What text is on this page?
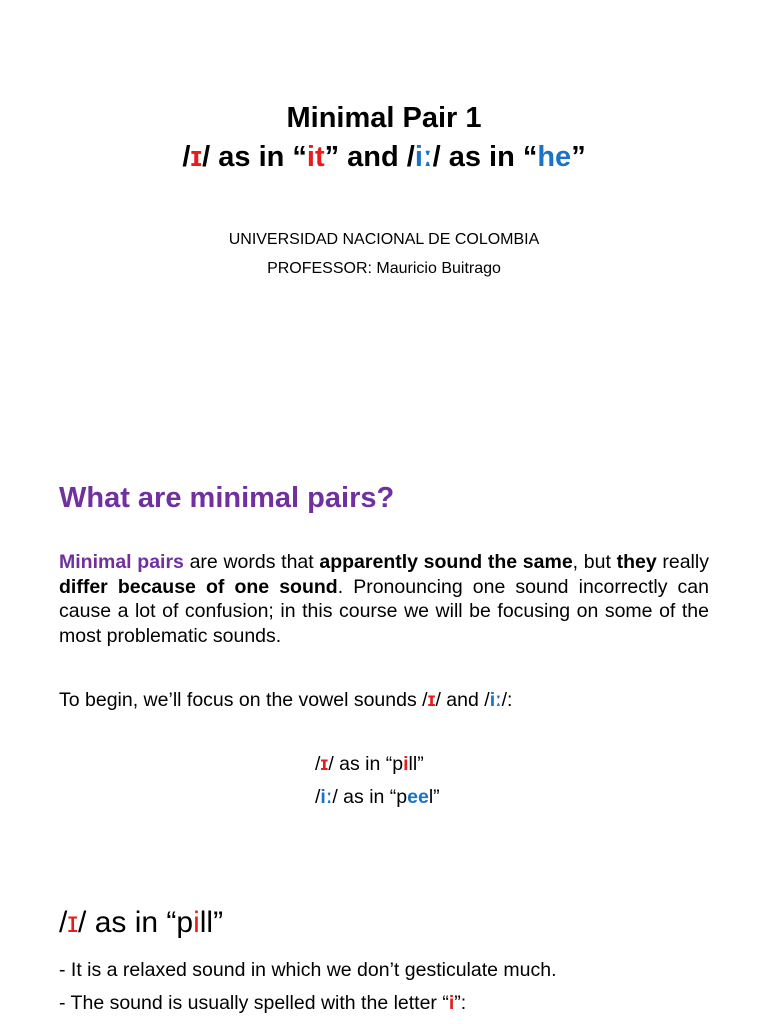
Minimal Pair 1
/ɪ/ as in “it” and /iː/ as in “he”
UNIVERSIDAD NACIONAL DE COLOMBIA
PROFESSOR: Mauricio Buitrago
What are minimal pairs?
Minimal pairs are words that apparently sound the same, but they really differ because of one sound. Pronouncing one sound incorrectly can cause a lot of confusion; in this course we will be focusing on some of the most problematic sounds.
To begin, we’ll focus on the vowel sounds /ɪ/ and /iː/:
/ɪ/ as in “pill”
/iː/ as in “peel”
/ɪ/ as in “pill”
- It is a relaxed sound in which we don’t gesticulate much.
- The sound is usually spelled with the letter “i”:
